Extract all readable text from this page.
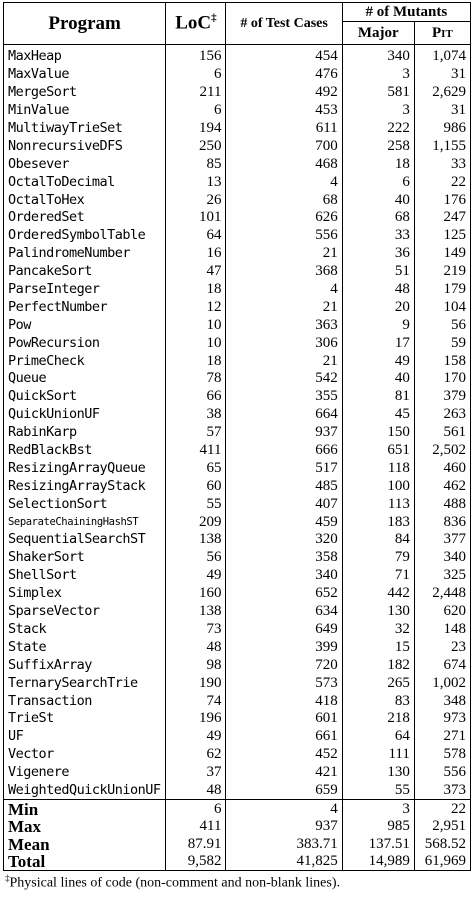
Program	LoC‡	# of Test Cases	# of Mutants	
			Major	Pit

MaxHeap	156	454	340	1,074
MaxValue	6	476	3	31
MergeSort	211	492	581	2,629
MinValue	6	453	3	31
MultiwayTrieSet	194	611	222	986
NonrecursiveDFS	250	700	258	1,155
Obesever	85	468	18	33
OctalToDecimal	13	4	6	22
OctalToHex	26	68	40	176
OrderedSet	101	626	68	247
OrderedSymbolTable	64	556	33	125
PalindromeNumber	16	21	36	149
PancakeSort	47	368	51	219
ParseInteger	18	4	48	179
PerfectNumber	12	21	20	104
Pow	10	363	9	56
PowRecursion	10	306	17	59
PrimeCheck	18	21	49	158
Queue	78	542	40	170
QuickSort	66	355	81	379
QuickUnionUF	38	664	45	263
RabinKarp	57	937	150	561
RedBlackBst	411	666	651	2,502
ResizingArrayQueue	65	517	118	460
ResizingArrayStack	60	485	100	462
SelectionSort	55	407	113	488
SeparateChainingHashST	209	459	183	836
SequentialSearchST	138	320	84	377
ShakerSort	56	358	79	340
ShellSort	49	340	71	325
Simplex	160	652	442	2,448
SparseVector	138	634	130	620
Stack	73	649	32	148
State	48	399	15	23
SuffixArray	98	720	182	674
TernarySearchTrie	190	573	265	1,002
Transaction	74	418	83	348
TrieSt	196	601	218	973
UF	49	661	64	271
Vector	62	452	111	578
Vigenere	37	421	130	556
WeightedQuickUnionUF	48	659	55	373
Min	6	4	3	22
Max	411	937	985	2,951
Mean	87.91	383.71	137.51	568.52
Total	9,582	41,825	14,989	61,969
‡Physical lines of code (non-comment and non-blank lines).
